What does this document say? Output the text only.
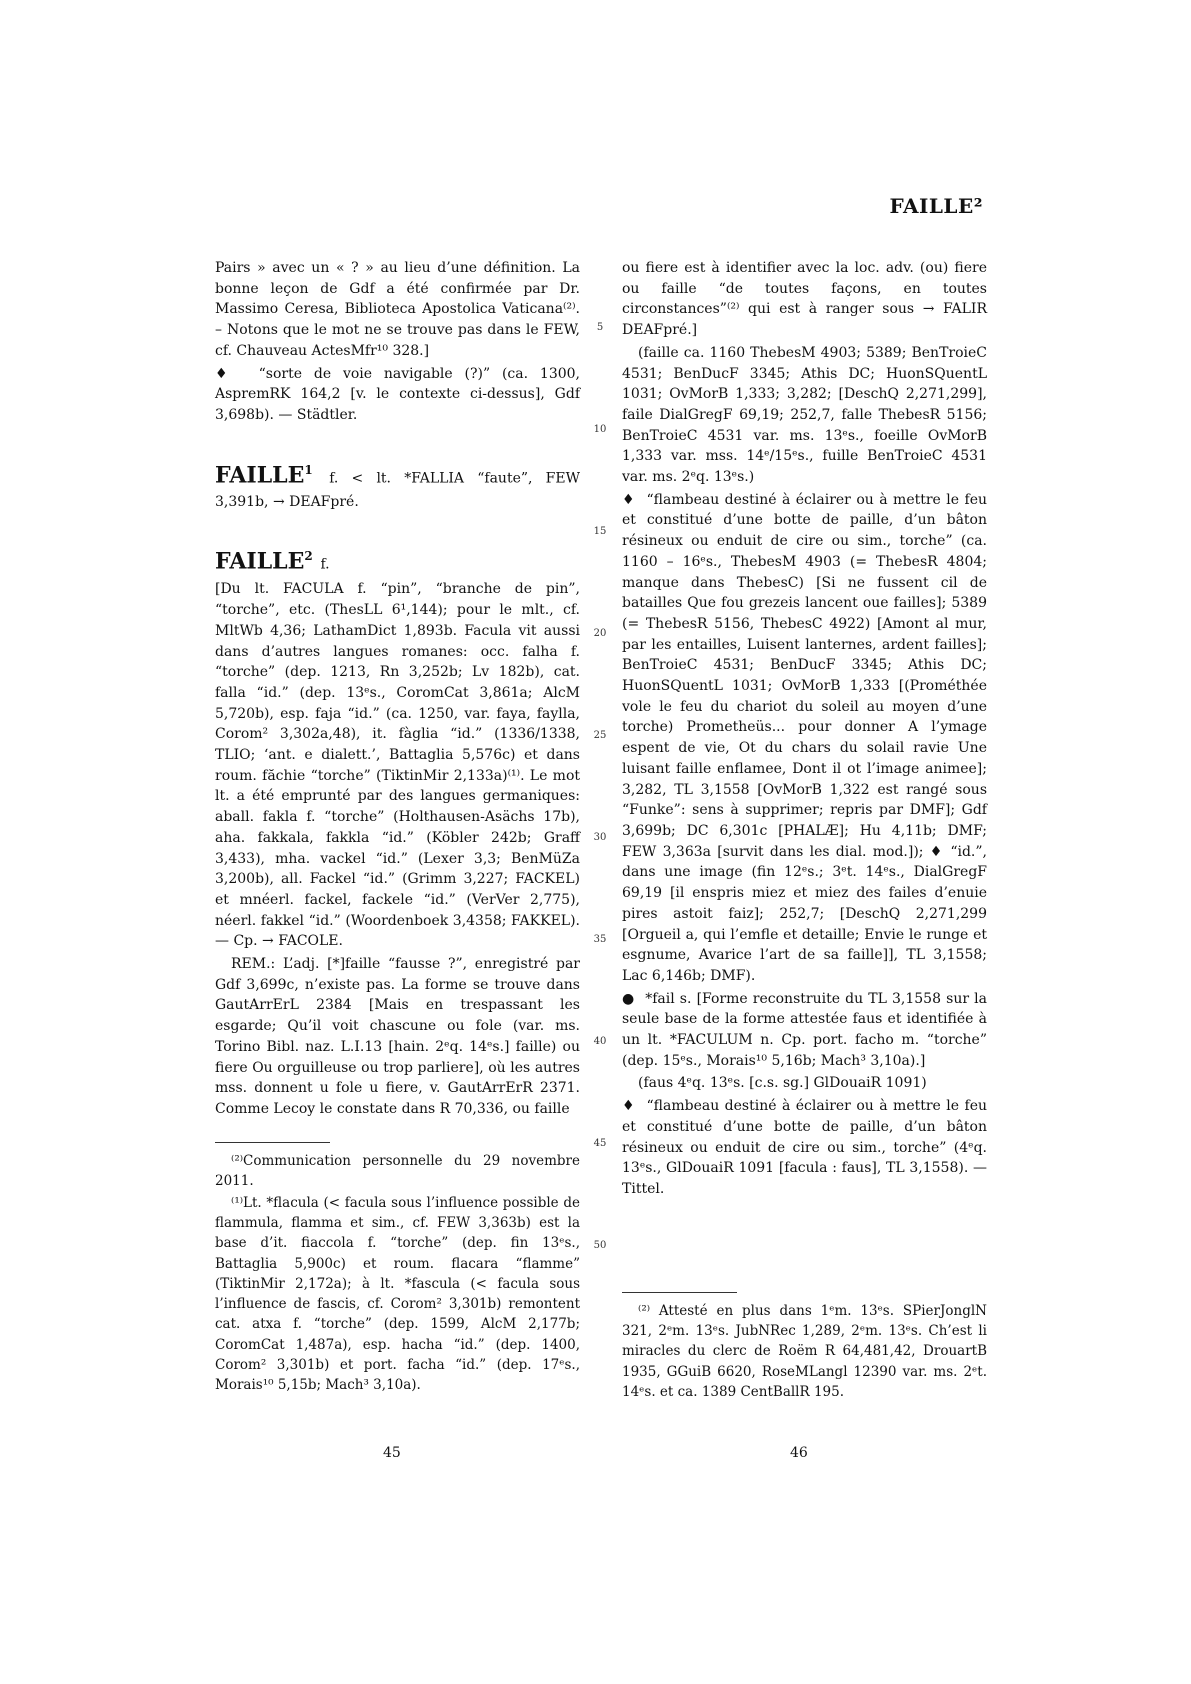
FAILLE²

Pairs » avec un « ? » au lieu d’une définition. La bonne leçon de Gdf a été confirmée par Dr. Massimo Ceresa, Biblioteca Apostolica Vaticana⁽²⁾. – Notons que le mot ne se trouve pas dans le FEW, cf. Chauveau ActesMfr¹⁰ 328.]

♦  “sorte de voie navigable (?)” (ca. 1300, AspremRK 164,2 [v. le contexte ci-dessus], Gdf 3,698b). — Städtler.

FAILLE$^1$ f. < lt. *FALLIA “faute”, FEW 3,391b, → DEAFpré.

FAILLE$^2$ f.

[Du lt. FACULA f. “pin”, “branche de pin”, “torche”, etc. (ThesLL 6¹,144); pour le mlt., cf. MltWb 4,36; LathamDict 1,893b. Facula vit aussi dans d’autres langues romanes: occ. falha f. “torche” (dep. 1213, Rn 3,252b; Lv 182b), cat. falla “id.” (dep. 13ᵉs., CoromCat 3,861a; AlcM 5,720b), esp. faja “id.” (ca. 1250, var. faya, faylla, Corom² 3,302a,48), it. fàglia “id.” (1336/1338, TLIO; ‘ant. e dialett.’, Battaglia 5,576c) et dans roum. făchie “torche” (TiktinMir 2,133a)⁽¹⁾. Le mot lt. a été emprunté par des langues germaniques: aball. fakla f. “torche” (Holthausen-Asächs 17b), aha. fakkala, fakkla “id.” (Köbler 242b; Graff 3,433), mha. vackel “id.” (Lexer 3,3; BenMüZa 3,200b), all. Fackel “id.” (Grimm 3,227; FACKEL) et mnéerl. fackel, fackele “id.” (VerVer 2,775), néerl. fakkel “id.” (Woordenboek 3,4358; FAKKEL). — Cp. → FACOLE.

REM.: L’adj. [*]faille “fausse ?”, enregistré par Gdf 3,699c, n’existe pas. La forme se trouve dans GautArrErL 2384 [Mais en trespassant les esgarde; Qu’il voit chascune ou fole (var. ms. Torino Bibl. naz. L.I.13 [hain. 2ᵉq. 14ᵉs.] faille) ou fiere Ou orguilleuse ou trop parliere], où les autres mss. donnent u fole u fiere, v. GautArrErR 2371. Comme Lecoy le constate dans R 70,336, ou faille

⁽²⁾Communication personnelle du 29 novembre 2011.

⁽¹⁾Lt. *flacula (< facula sous l’influence possible de flammula, flamma et sim., cf. FEW 3,363b) est la base d’it. fiaccola f. “torche” (dep. fin 13ᵉs., Battaglia 5,900c) et roum. flacara “flamme” (TiktinMir 2,172a); à lt. *fascula (< facula sous l’influence de fascis, cf. Corom² 3,301b) remontent cat. atxa f. “torche” (dep. 1599, AlcM 2,177b; CoromCat 1,487a), esp. hacha “id.” (dep. 1400, Corom² 3,301b) et port. facha “id.” (dep. 17ᵉs., Morais¹⁰ 5,15b; Mach³ 3,10a).

5
10
15
20
25
30
35
40
45
50

ou fiere est à identifier avec la loc. adv. (ou) fiere ou faille “de toutes façons, en toutes circonstances”⁽²⁾ qui est à ranger sous → FALIR DEAFpré.]

(faille ca. 1160 ThebesM 4903; 5389; BenTroieC 4531; BenDucF 3345; Athis DC; HuonSQuentL 1031; OvMorB 1,333; 3,282; [DeschQ 2,271,299], faile DialGregF 69,19; 252,7, falle ThebesR 5156; BenTroieC 4531 var. ms. 13ᵉs., foeille OvMorB 1,333 var. mss. 14ᵉ/15ᵉs., fuille BenTroieC 4531 var. ms. 2ᵉq. 13ᵉs.)

♦  “flambeau destiné à éclairer ou à mettre le feu et constitué d’une botte de paille, d’un bâton résineux ou enduit de cire ou sim., torche” (ca. 1160 – 16ᵉs., ThebesM 4903 (= ThebesR 4804; manque dans ThebesC) [Si ne fussent cil de batailles Que fou grezeis lancent oue failles]; 5389 (= ThebesR 5156, ThebesC 4922) [Amont al mur, par les entailles, Luisent lanternes, ardent failles]; BenTroieC 4531; BenDucF 3345; Athis DC; HuonSQuentL 1031; OvMorB 1,333 [(Prométhée vole le feu du chariot du soleil au moyen d’une torche) Prometheüs... pour donner A l’ymage espent de vie, Ot du chars du solail ravie Une luisant faille enflamee, Dont il ot l’image animee]; 3,282, TL 3,1558 [OvMorB 1,322 est rangé sous “Funke”: sens à supprimer; repris par DMF]; Gdf 3,699b; DC 6,301c [PHALÆ]; Hu 4,11b; DMF; FEW 3,363a [survit dans les dial. mod.]); ♦ “id.”, dans une image (fin 12ᵉs.; 3ᵉt. 14ᵉs., DialGregF 69,19 [il enspris miez et miez des failes d’enuie pires astoit faiz]; 252,7; [DeschQ 2,271,299 [Orgueil a, qui l’emfle et detaille; Envie le runge et esgnume, Avarice l’art de sa faille]], TL 3,1558; Lac 6,146b; DMF).

●  *fail s. [Forme reconstruite du TL 3,1558 sur la seule base de la forme attestée faus et identifiée à un lt. *FACULUM n. Cp. port. facho m. “torche” (dep. 15ᵉs., Morais¹⁰ 5,16b; Mach³ 3,10a).]

(faus 4ᵉq. 13ᵉs. [c.s. sg.] GlDouaiR 1091)

♦  “flambeau destiné à éclairer ou à mettre le feu et constitué d’une botte de paille, d’un bâton résineux ou enduit de cire ou sim., torche” (4ᵉq. 13ᵉs., GlDouaiR 1091 [facula : faus], TL 3,1558). — Tittel.

⁽²⁾ Attesté en plus dans 1ᵉm. 13ᵉs. SPierJonglN 321, 2ᵉm. 13ᵉs. JubNRec 1,289, 2ᵉm. 13ᵉs. Ch’est li miracles du clerc de Roëm R 64,481,42, DrouartB 1935, GGuiB 6620, RoseMLangl 12390 var. ms. 2ᵉt. 14ᵉs. et ca. 1389 CentBallR 195.

45	46
